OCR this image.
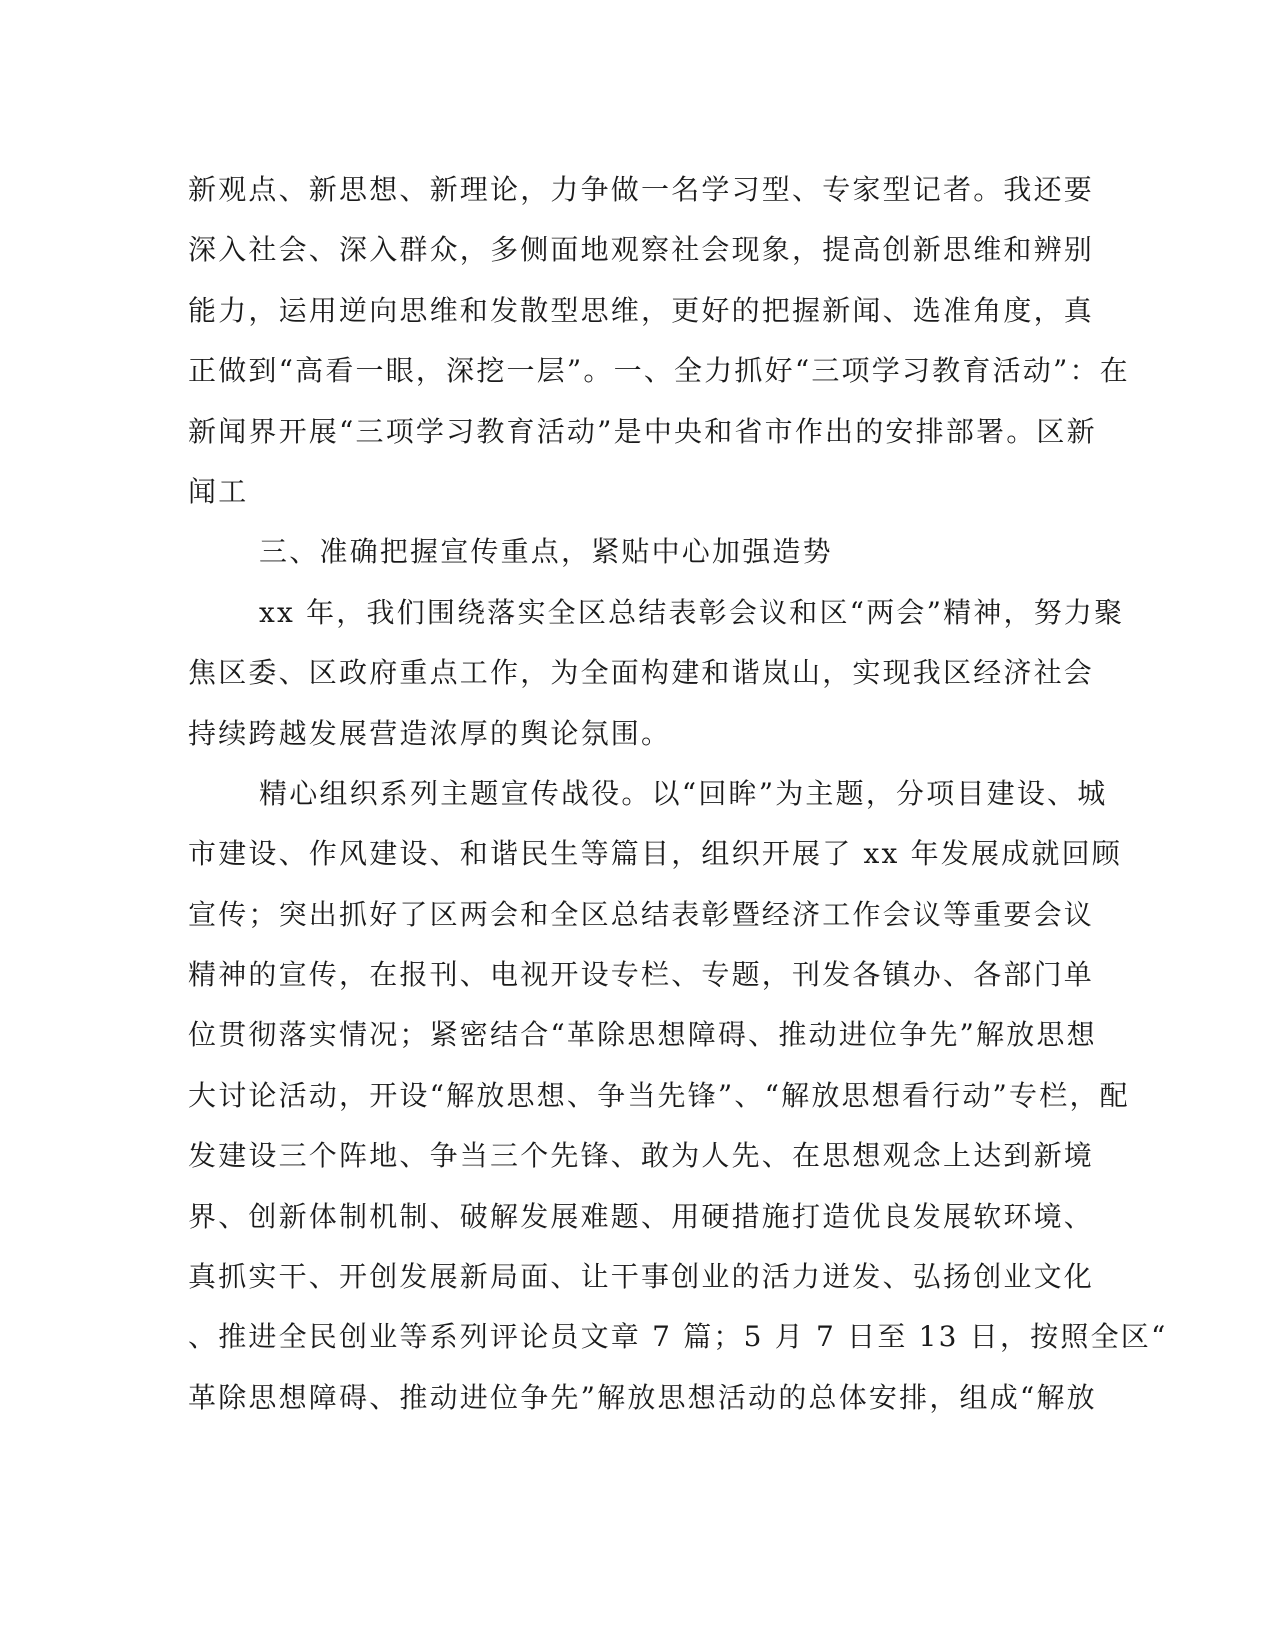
新观点、新思想、新理论，力争做一名学习型、专家型记者。我还要
深入社会、深入群众，多侧面地观察社会现象，提高创新思维和辨别
能力，运用逆向思维和发散型思维，更好的把握新闻、选准角度，真
正做到“高看一眼，深挖一层”。一、全力抓好“三项学习教育活动”：在
新闻界开展“三项学习教育活动”是中央和省市作出的安排部署。区新
闻工
三、准确把握宣传重点，紧贴中心加强造势
xx 年，我们围绕落实全区总结表彰会议和区“两会”精神，努力聚
焦区委、区政府重点工作，为全面构建和谐岚山，实现我区经济社会
持续跨越发展营造浓厚的舆论氛围。
精心组织系列主题宣传战役。以“回眸”为主题，分项目建设、城
市建设、作风建设、和谐民生等篇目，组织开展了 xx 年发展成就回顾
宣传；突出抓好了区两会和全区总结表彰暨经济工作会议等重要会议
精神的宣传，在报刊、电视开设专栏、专题，刊发各镇办、各部门单
位贯彻落实情况；紧密结合“革除思想障碍、推动进位争先”解放思想
大讨论活动，开设“解放思想、争当先锋”、“解放思想看行动”专栏，配
发建设三个阵地、争当三个先锋、敢为人先、在思想观念上达到新境
界、创新体制机制、破解发展难题、用硬措施打造优良发展软环境、
真抓实干、开创发展新局面、让干事创业的活力迸发、弘扬创业文化
、推进全民创业等系列评论员文章 7 篇；5 月 7 日至 13 日，按照全区“
革除思想障碍、推动进位争先”解放思想活动的总体安排，组成“解放
